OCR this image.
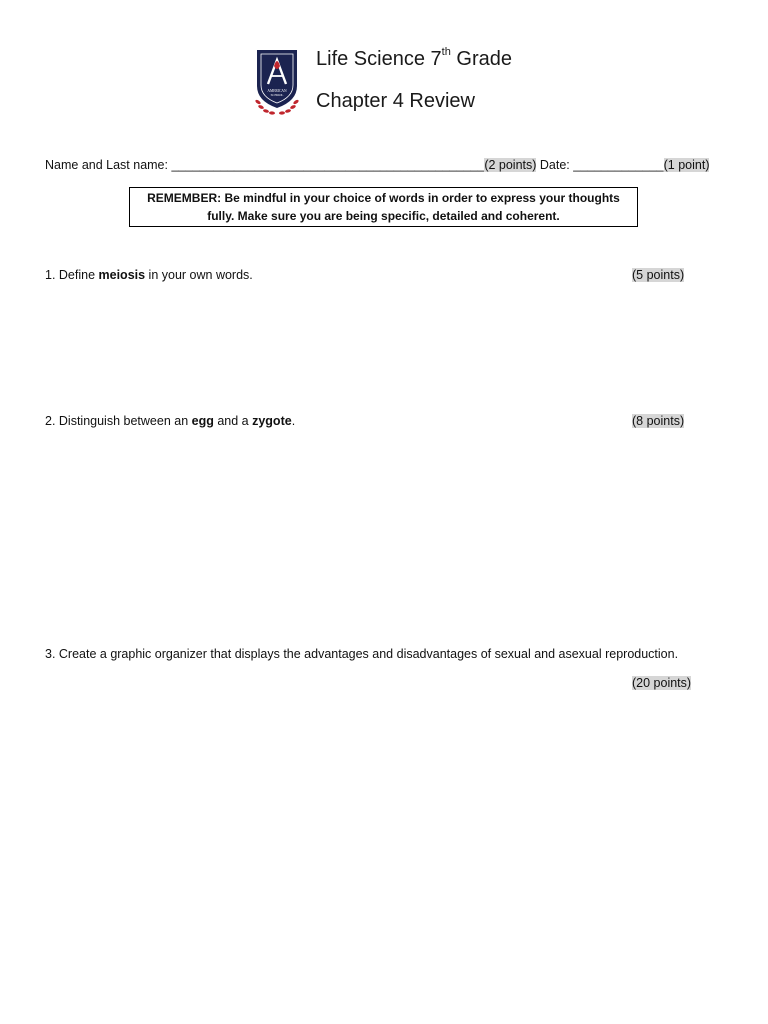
AMERICAN
SCHOOL
Life Science 7th Grade
Chapter 4 Review
Name and Last name: _____________________________________________(2 points) Date: _____________(1 point)
REMEMBER: Be mindful in your choice of words in order to express your thoughts
fully. Make sure you are being specific, detailed and coherent.
1. Define meiosis in your own words.	(5 points)
2. Distinguish between an egg and a zygote.	(8 points)
3. Create a graphic organizer that displays the advantages and disadvantages of sexual and asexual reproduction.
(20 points)
